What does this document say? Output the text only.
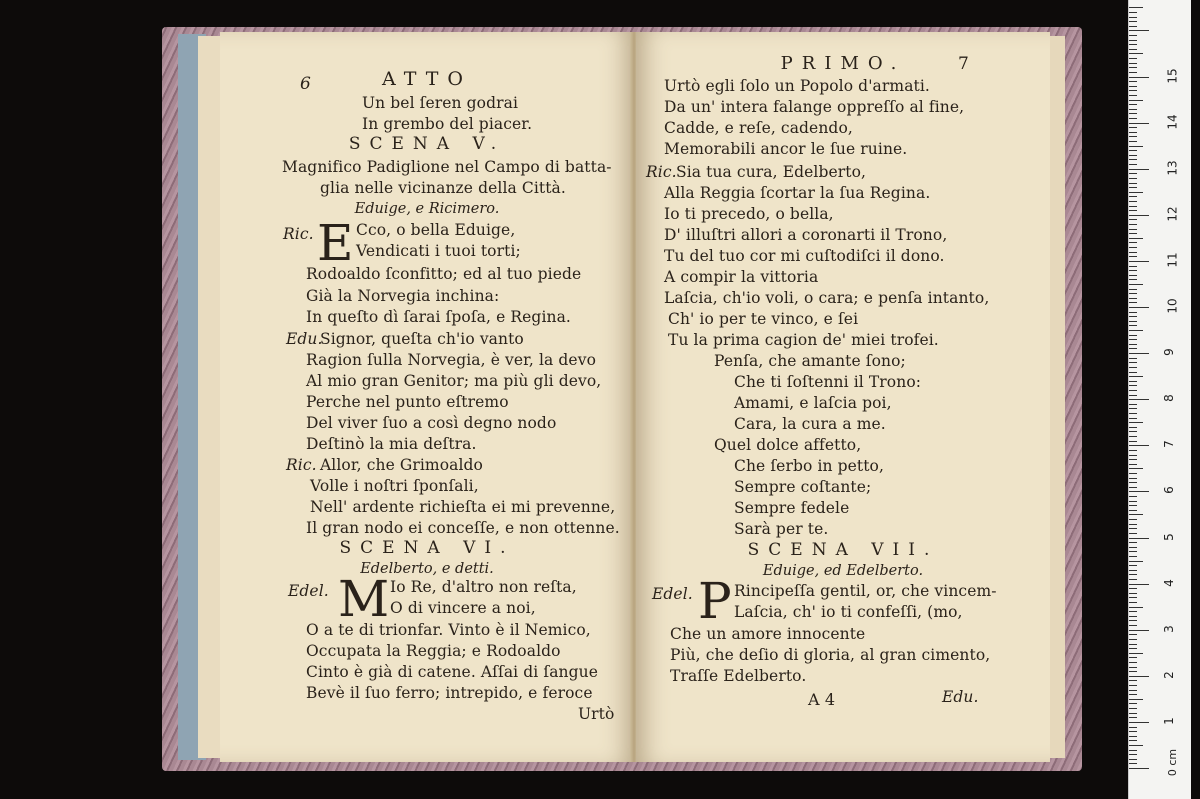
6	ATTO
Un bel ſeren godrai
In grembo del piacer.
SCENA V.
Magnifico Padiglione nel Campo di batta-
glia nelle vicinanze della Città.
Eduige, e Ricimero.
Ric. E Cco, o bella Eduige,
Vendicati i tuoi torti;
Rodoaldo ſconfitto; ed al tuo piede
Già la Norvegia inchina:
In queſto dì ſarai ſpoſa, e Regina.
Edu.
Signor, queſta ch'io vanto
Ragion ſulla Norvegia, è ver, la devo
Al mio gran Genitor; ma più gli devo,
Perche nel punto eſtremo
Del viver ſuo a così degno nodo
Deſtinò la mia deſtra.
Ric. Allor, che Grimoaldo
Volle i noſtri ſponſali,
Nell' ardente richieſta ei mi prevenne,
Il gran nodo ei conceſſe, e non ottenne.
SCENA VI.
Edelberto, e detti.
Edel. M Io Re, d'altro non reſta,
O di vincere a noi,
O a te di trionfar. Vinto è il Nemico,
Occupata la Reggia; e Rodoaldo
Cinto è già di catene. Aſſai di ſangue
Bevè il ſuo ferro; intrepido, e feroce
Urtò
PRIMO.	7
Urtò egli ſolo un Popolo d'armati.
Da un' intera falange oppreſſo al fine,
Cadde, e reſe, cadendo,
Memorabili ancor le ſue ruine.
Ric. Sia tua cura, Edelberto,
Alla Reggia ſcortar la ſua Regina.
Io ti precedo, o bella,
D' illuſtri allori a coronarti il Trono,
Tu del tuo cor mi cuſtodiſci il dono.
A compir la vittoria
Laſcia, ch'io voli, o cara; e penſa intanto,
Ch' io per te vinco, e ſei
Tu la prima cagion de' miei trofei.
Penſa, che amante ſono;
Che ti ſoſtenni il Trono:
Amami, e laſcia poi,
Cara, la cura a me.
Quel dolce affetto,
Che ſerbo in petto,
Sempre coſtante;
Sempre fedele
Sarà per te.
SCENA VII.
Eduige, ed Edelberto.
Edel. P Rincipeſſa gentil, or, che vincem-
Laſcia, ch' io ti confeſſi, (mo,
Che un amore innocente
Più, che deſio di gloria, al gran cimento,
Traſſe Edelberto.
A 4	Edu.
0 cm
1
2
3
4
5
6
7
8
9
10
11
12
13
14
15
